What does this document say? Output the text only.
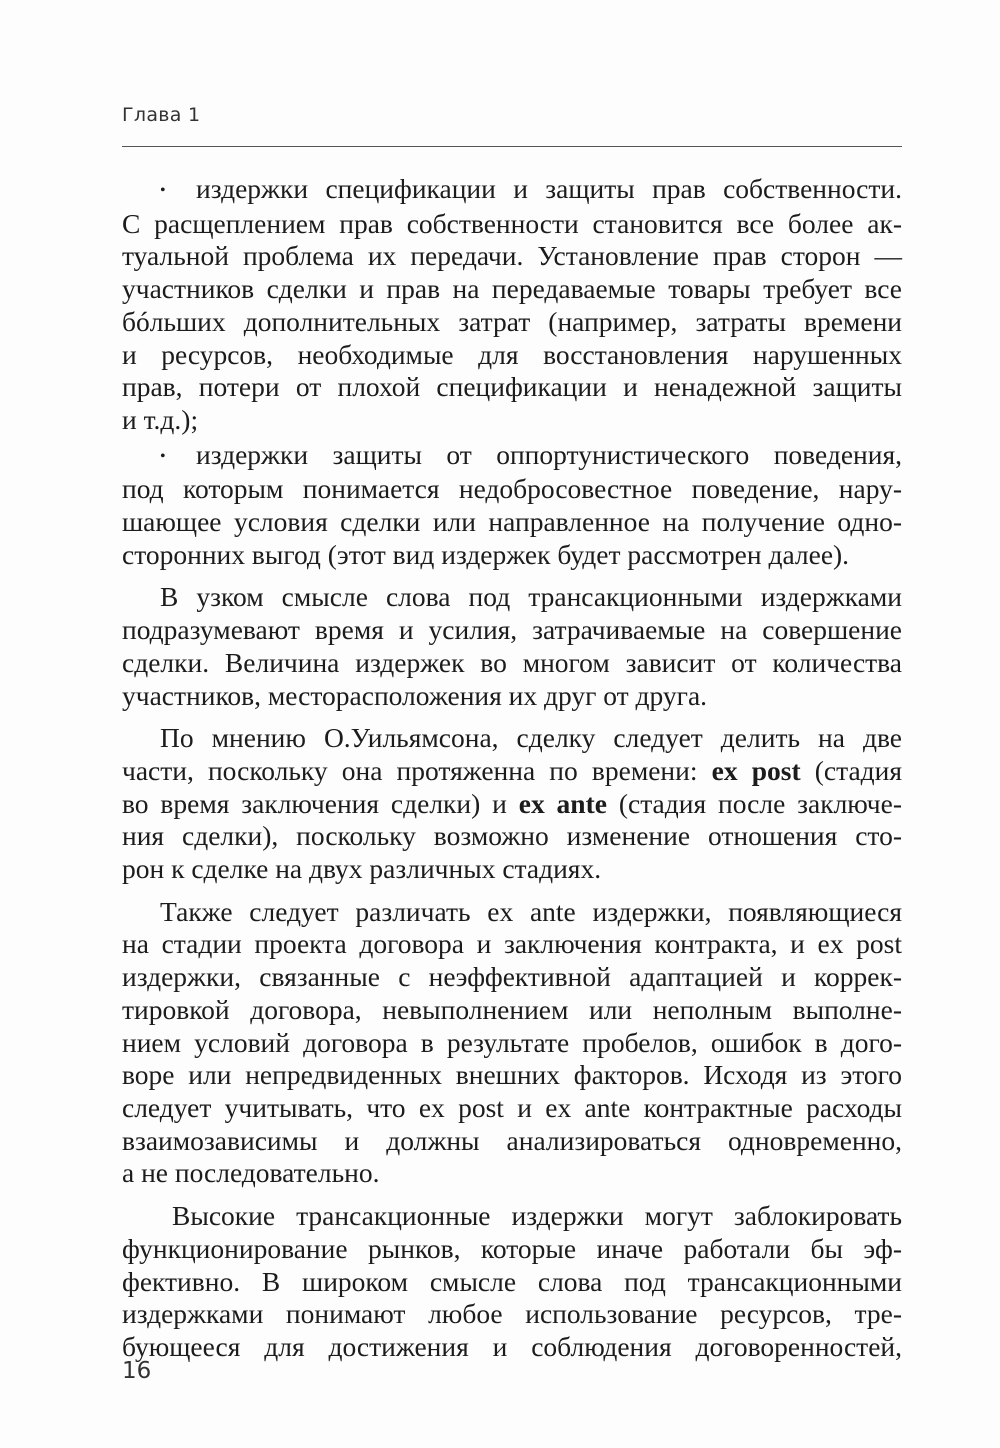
Глава 1
• издержки спецификации и защиты прав собственности.
С расщеплением прав собственности становится все более ак-
туальной проблема их передачи. Установление прав сторон —
участников сделки и прав на передаваемые товары требует все
бóльших дополнительных затрат (например, затраты времени
и ресурсов, необходимые для восстановления нарушенных
прав, потери от плохой спецификации и ненадежной защиты
и т.д.);
• издержки защиты от оппортунистического поведения,
под которым понимается недобросовестное поведение, нару-
шающее условия сделки или направленное на получение одно-
сторонних выгод (этот вид издержек будет рассмотрен далее).
В узком смысле слова под трансакционными издержками
подразумевают время и усилия, затрачиваемые на совершение
сделки. Величина издержек во многом зависит от количества
участников, месторасположения их друг от друга.
По мнению О.Уильямсона, сделку следует делить на две
части, поскольку она протяженна по времени: ex post (стадия
во время заключения сделки) и ex ante (стадия после заключе-
ния сделки), поскольку возможно изменение отношения сто-
рон к сделке на двух различных стадиях.
Также следует различать ex ante издержки, появляющиеся
на стадии проекта договора и заключения контракта, и ex post
издержки, связанные с неэффективной адаптацией и коррек-
тировкой договора, невыполнением или неполным выполне-
нием условий договора в результате пробелов, ошибок в дого-
воре или непредвиденных внешних факторов. Исходя из этого
следует учитывать, что ex post и ex ante контрактные расходы
взаимозависимы и должны анализироваться одновременно,
а не последовательно.
Высокие трансакционные издержки могут заблокировать
функционирование рынков, которые иначе работали бы эф-
фективно. В широком смысле слова под трансакционными
издержками понимают любое использование ресурсов, тре-
бующееся для достижения и соблюдения договоренностей,
16
